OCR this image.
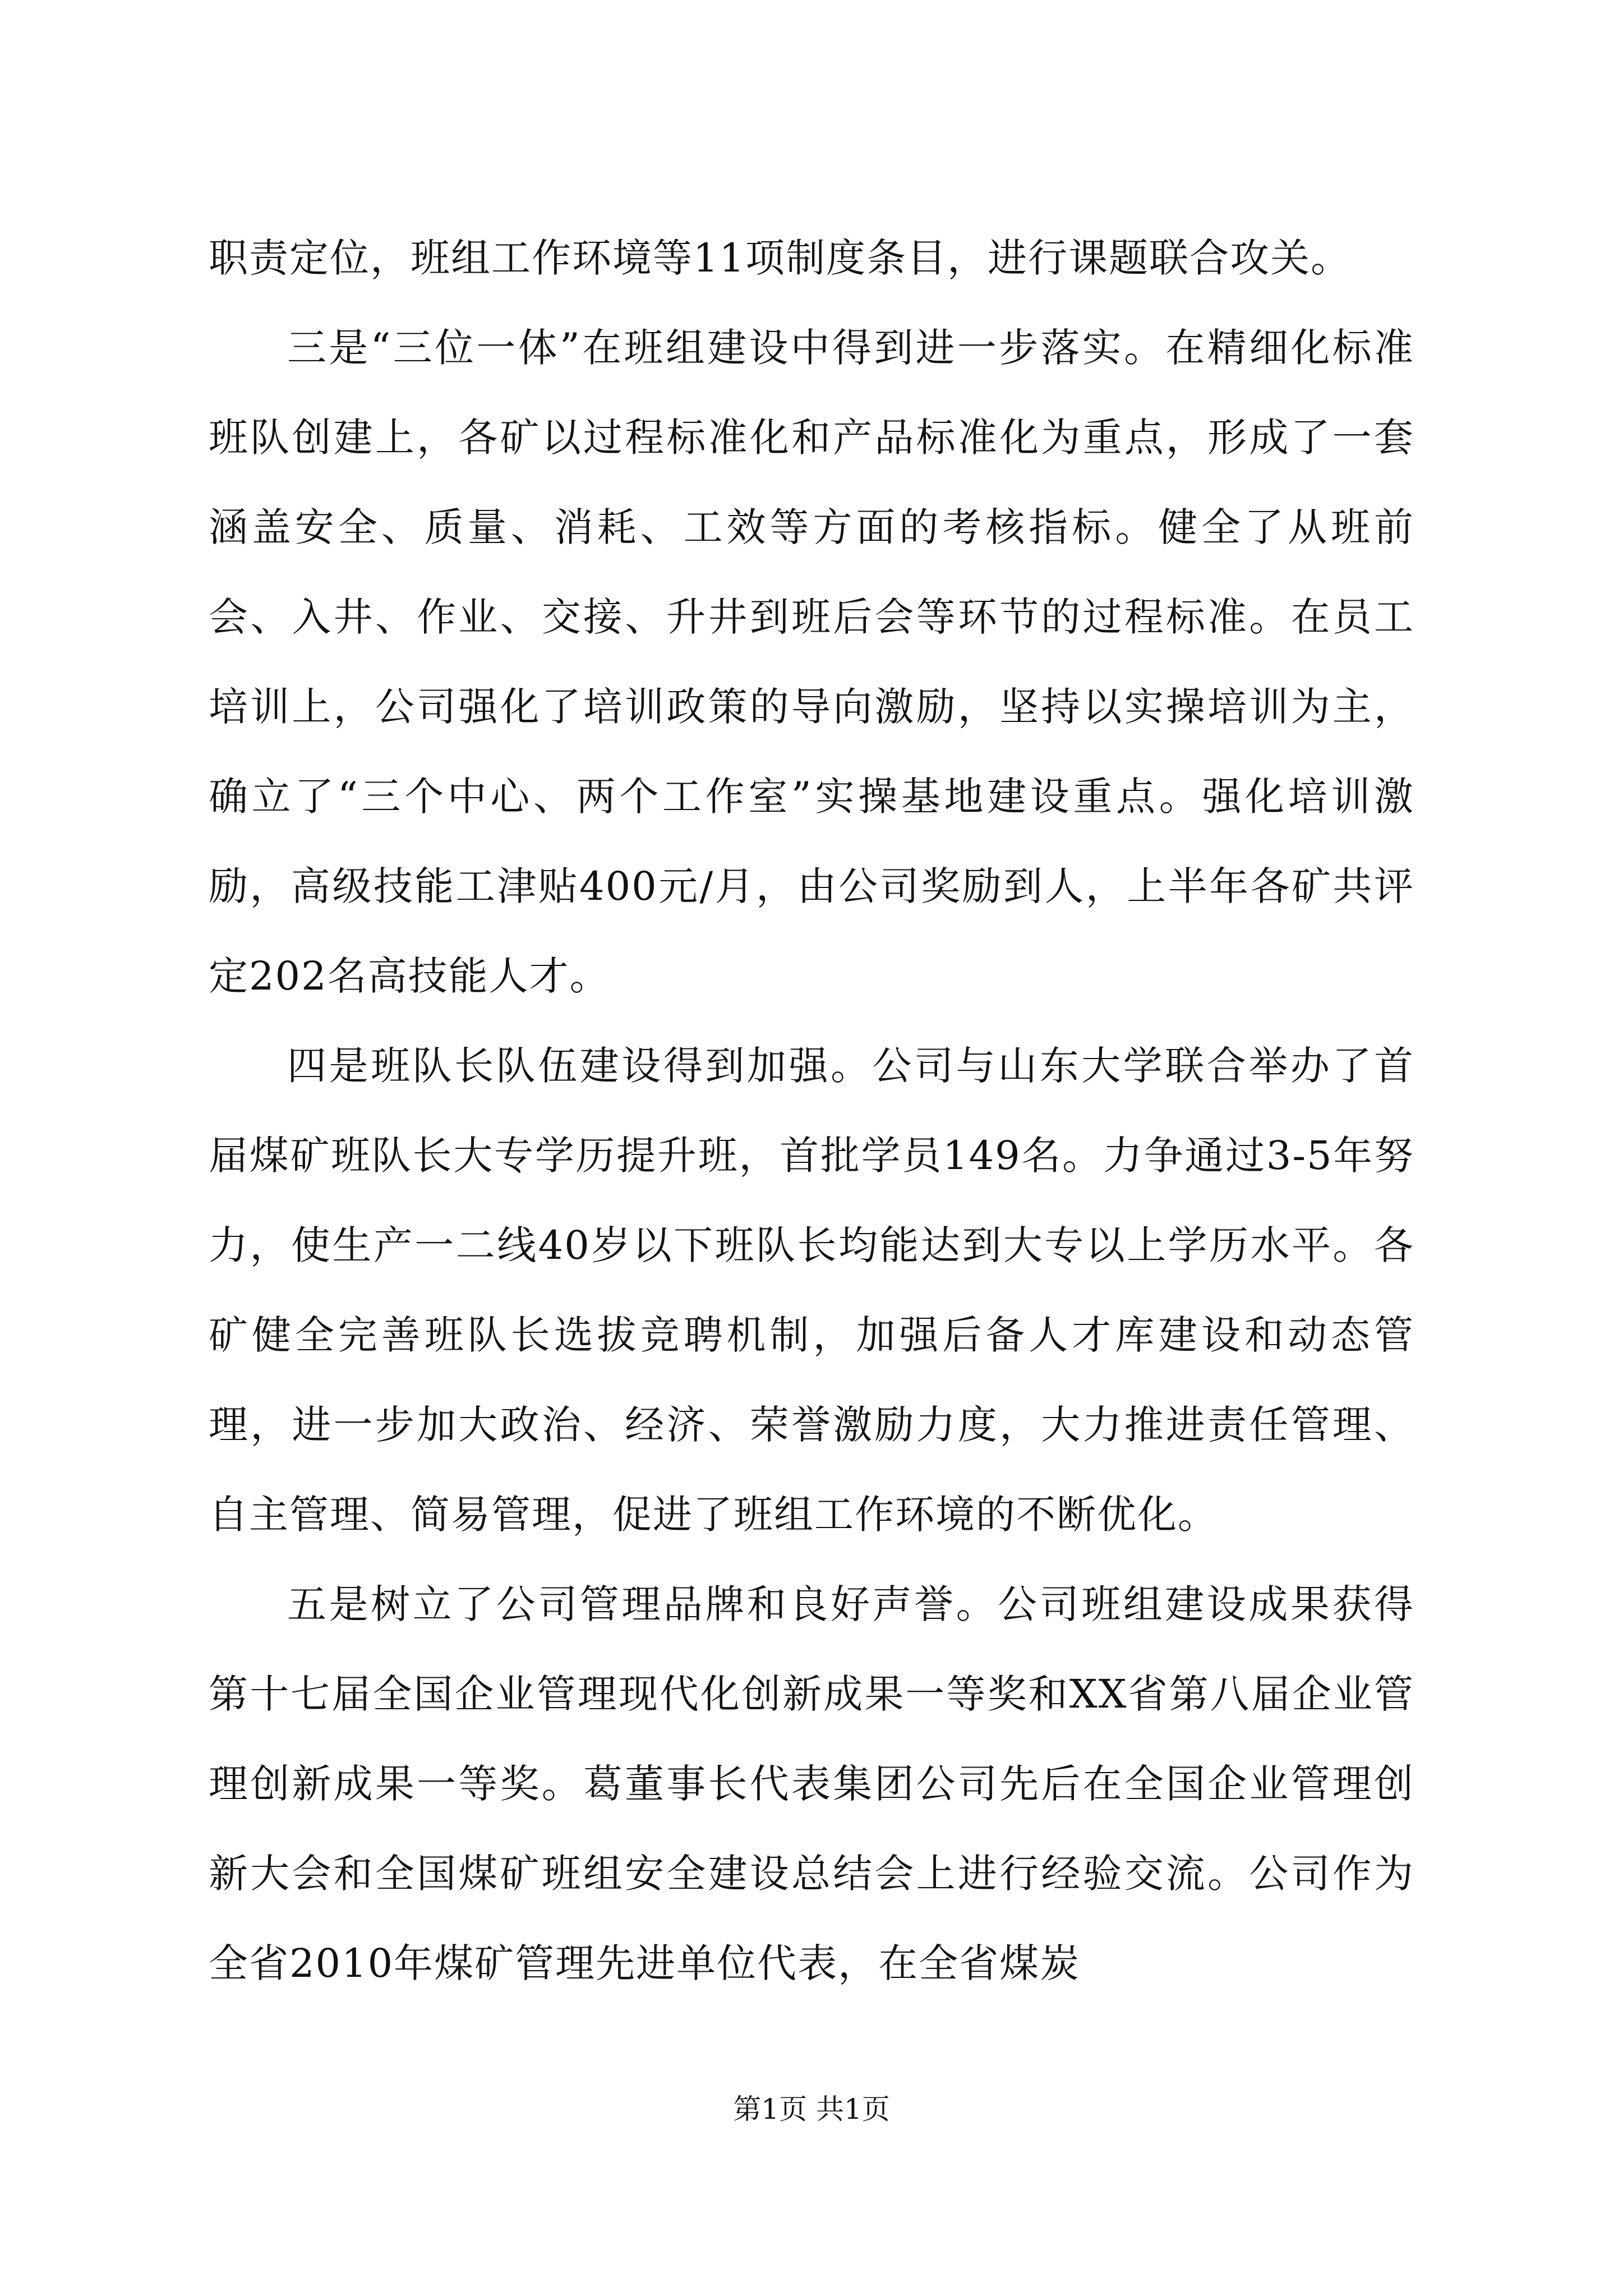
职责定位，班组工作环境等11项制度条目，进行课题联合攻关。

三是“三位一体”在班组建设中得到进一步落实。在精细化标准班队创建上，各矿以过程标准化和产品标准化为重点，形成了一套涵盖安全、质量、消耗、工效等方面的考核指标。健全了从班前会、入井、作业、交接、升井到班后会等环节的过程标准。在员工培训上，公司强化了培训政策的导向激励，坚持以实操培训为主，确立了“三个中心、两个工作室”实操基地建设重点。强化培训激励，高级技能工津贴400元/月，由公司奖励到人，上半年各矿共评定202名高技能人才。

四是班队长队伍建设得到加强。公司与山东大学联合举办了首届煤矿班队长大专学历提升班，首批学员149名。力争通过3-5年努力，使生产一二线40岁以下班队长均能达到大专以上学历水平。各矿健全完善班队长选拔竞聘机制，加强后备人才库建设和动态管理，进一步加大政治、经济、荣誉激励力度，大力推进责任管理、自主管理、简易管理，促进了班组工作环境的不断优化。

五是树立了公司管理品牌和良好声誉。公司班组建设成果获得第十七届全国企业管理现代化创新成果一等奖和XX省第八届企业管理创新成果一等奖。葛董事长代表集团公司先后在全国企业管理创新大会和全国煤矿班组安全建设总结会上进行经验交流。公司作为全省2010年煤矿管理先进单位代表，在全省煤炭

第1页 共1页
